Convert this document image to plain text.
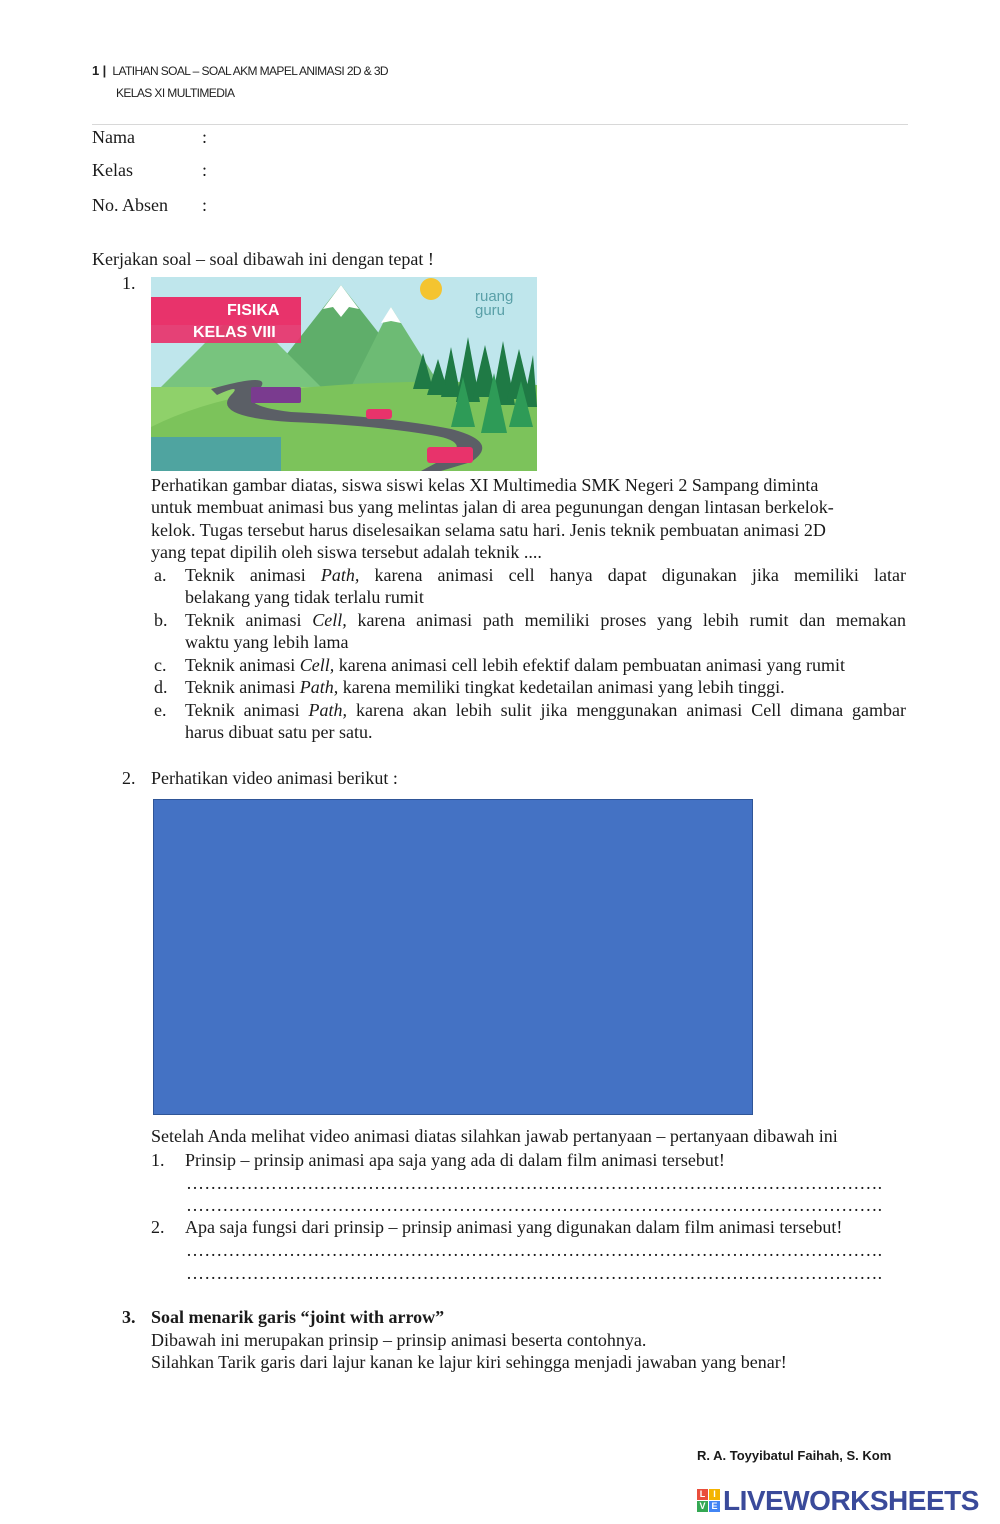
1 | LATIHAN SOAL – SOAL AKM MAPEL ANIMASI 2D & 3D
KELAS XI MULTIMEDIA
Nama	:
Kelas	:
No. Absen :
Kerjakan soal – soal dibawah ini dengan tepat !
1.
FISIKA
KELAS VIII
ruang
guru
Perhatikan gambar diatas, siswa siswi kelas XI Multimedia SMK Negeri 2 Sampang diminta
untuk membuat animasi bus yang melintas jalan di area pegunungan dengan lintasan berkelok-
kelok. Tugas tersebut harus diselesaikan selama satu hari. Jenis teknik pembuatan animasi 2D
yang tepat dipilih oleh siswa tersebut adalah teknik ....
a. Teknik animasi Path, karena animasi cell hanya dapat digunakan jika memiliki latar
belakang yang tidak terlalu rumit
b. Teknik animasi Cell, karena animasi path memiliki proses yang lebih rumit dan memakan
waktu yang lebih lama
c. Teknik animasi Cell, karena animasi cell lebih efektif dalam pembuatan animasi yang rumit
d. Teknik animasi Path, karena memiliki tingkat kedetailan animasi yang lebih tinggi.
e. Teknik animasi Path, karena akan lebih sulit jika menggunakan animasi Cell dimana gambar
harus dibuat satu per satu.
2. Perhatikan video animasi berikut :
Setelah Anda melihat video animasi diatas silahkan jawab pertanyaan – pertanyaan dibawah ini
1. Prinsip – prinsip animasi apa saja yang ada di dalam film animasi tersebut!
…………………………………………………………………………………………………….
…………………………………………………………………………………………………….
2. Apa saja fungsi dari prinsip – prinsip animasi yang digunakan dalam film animasi tersebut!
…………………………………………………………………………………………………….
…………………………………………………………………………………………………….
3. Soal menarik garis “joint with arrow”
Dibawah ini merupakan prinsip – prinsip animasi beserta contohnya.
Silahkan Tarik garis dari lajur kanan ke lajur kiri sehingga menjadi jawaban yang benar!
R. A. Toyyibatul Faihah, S. Kom
L I
V E LIVEWORKSHEETS
